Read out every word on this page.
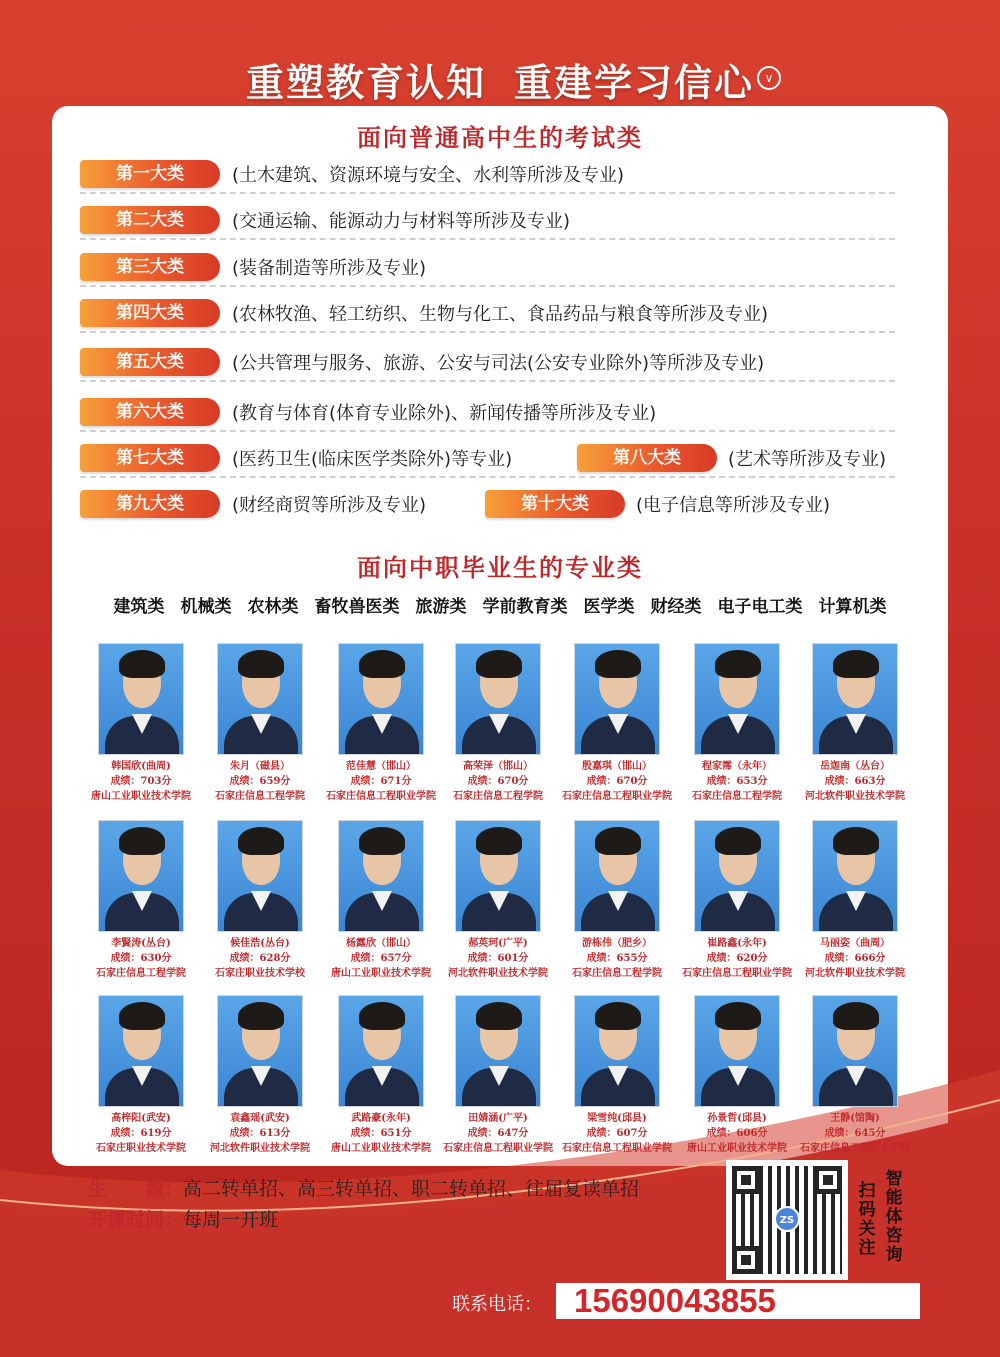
重塑教育认知 重建学习信心 ∨
面向普通高中生的考试类
第一大类	(土木建筑、资源环境与安全、水利等所涉及专业)
第二大类	(交通运输、能源动力与材料等所涉及专业)
第三大类	(装备制造等所涉及专业)
第四大类	(农林牧渔、轻工纺织、生物与化工、食品药品与粮食等所涉及专业)
第五大类	(公共管理与服务、旅游、公安与司法(公安专业除外)等所涉及专业)
第六大类	(教育与体育(体育专业除外)、新闻传播等所涉及专业)
第七大类	(医药卫生(临床医学类除外)等专业)	第八大类	(艺术等所涉及专业)
第九大类	(财经商贸等所涉及专业)	第十大类	(电子信息等所涉及专业)
面向中职毕业生的专业类
建筑类 机械类 农林类 畜牧兽医类 旅游类 学前教育类 医学类 财经类 电子电工类 计算机类
韩国欣(曲周)
成绩：703分
唐山工业职业技术学院
朱月（磁县）
成绩：659分
石家庄信息工程学院
范佳慧（邯山）
成绩：671分
石家庄信息工程职业学院
高荣泽（邯山）
成绩：670分
石家庄信息工程学院
殷嘉琪（邯山）
成绩：670分
石家庄信息工程职业学院
程家霈（永年）
成绩：653分
石家庄信息工程学院
岳迦南（丛台）
成绩：663分
河北软件职业技术学院
李賢涛(丛台)
成绩：630分
石家庄信息工程学院
候佳浩(丛台)
成绩：628分
石家庄职业技术学校
杨露欣（邯山）
成绩：657分
唐山工业职业技术学院
郝英珂(广平)
成绩：601分
河北软件职业技术学院
游栋伟（肥乡）
成绩：655分
石家庄信息工程学院
崔路鑫(永年)
成绩：620分
石家庄信息工程职业学院
马丽姿（曲周）
成绩：666分
河北软件职业技术学院
高梓阳(武安)
成绩：619分
石家庄职业技术学院
袁鑫瑶(武安)
成绩：613分
河北软件职业技术学院
武路豪(永年)
成绩：651分
唐山工业职业技术学院
田婧涵(广平)
成绩：647分
石家庄信息工程职业学院
梁雪纯(邱县)
成绩：607分
石家庄信息工程职业学院
孙景哲(邱县)
成绩：606分
唐山工业职业技术学院
王静(馆陶)
成绩：645分
石家庄信息工程职业学院
生　　源：高二转单招、高三转单招、职二转单招、往届复读单招
开课时间：每周一开班	ZS
扫码关注
智能体咨询
联系电话： 15690043855
